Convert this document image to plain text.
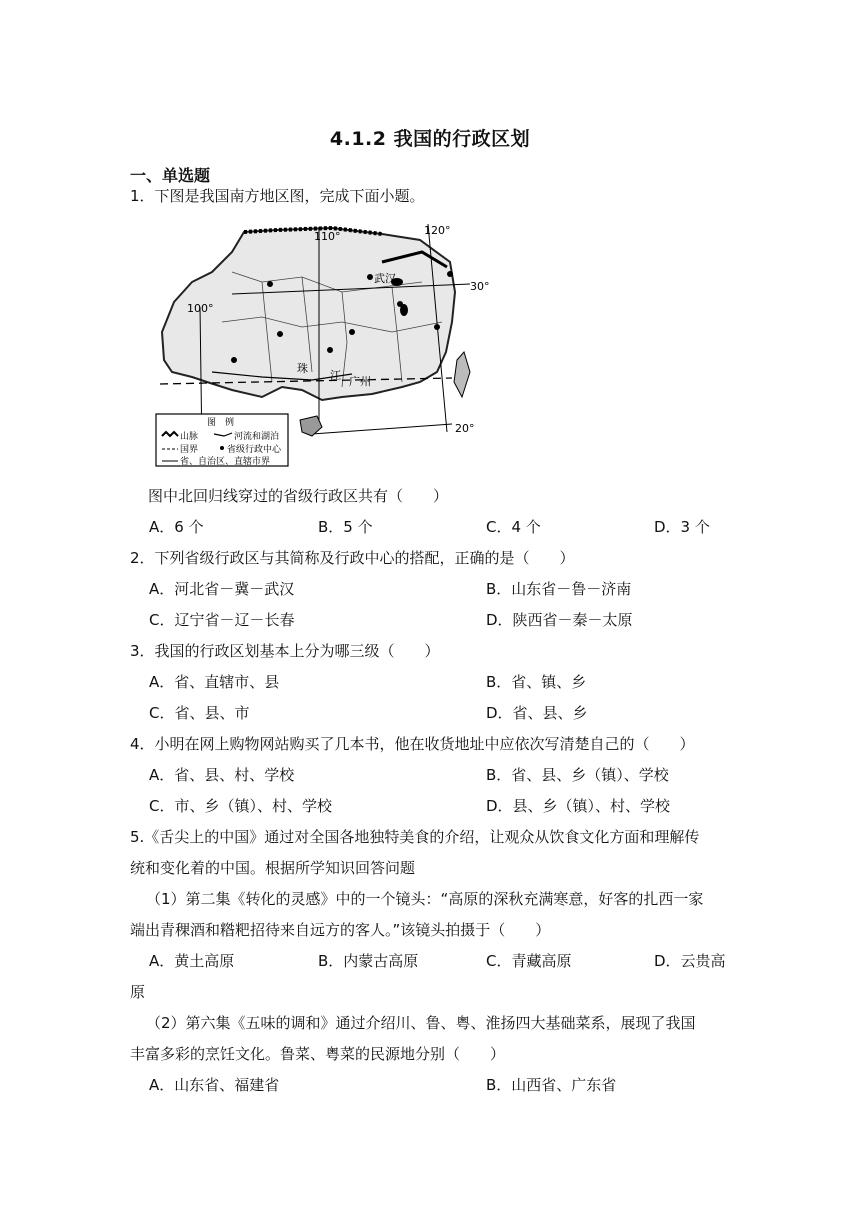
4.1.2 我国的行政区划
一、单选题
1．下图是我国南方地区图，完成下面小题。
110°	120°
100°
30°
20°
武汉
广州
珠
江
图　例
山脉	河流和湖泊
国界	省级行政中心
省、自治区、直辖市界
图中北回归线穿过的省级行政区共有（　　）
A．6 个	B．5 个	C．4 个	D．3 个
2．下列省级行政区与其简称及行政中心的搭配，正确的是（　　）
A．河北省－冀－武汉	B．山东省－鲁－济南
C．辽宁省－辽－长春	D．陕西省－秦－太原
3．我国的行政区划基本上分为哪三级（　　）
A．省、直辖市、县	B．省、镇、乡
C．省、县、市	D．省、县、乡
4．小明在网上购物网站购买了几本书，他在收货地址中应依次写清楚自己的（　　）
A．省、县、村、学校	B．省、县、乡（镇）、学校
C．市、乡（镇）、村、学校	D．县、乡（镇）、村、学校
5.《舌尖上的中国》通过对全国各地独特美食的介绍，让观众从饮食文化方面和理解传
统和变化着的中国。根据所学知识回答问题
（1）第二集《转化的灵感》中的一个镜头：“高原的深秋充满寒意，好客的扎西一家
端出青稞酒和糌粑招待来自远方的客人。”该镜头拍摄于（　　）
A．黄土高原	B．内蒙古高原	C．青藏高原	D．云贵高
原
（2）第六集《五味的调和》通过介绍川、鲁、粤、淮扬四大基础菜系，展现了我国
丰富多彩的烹饪文化。鲁菜、粤菜的民源地分别（　　）
A．山东省、福建省	B．山西省、广东省
